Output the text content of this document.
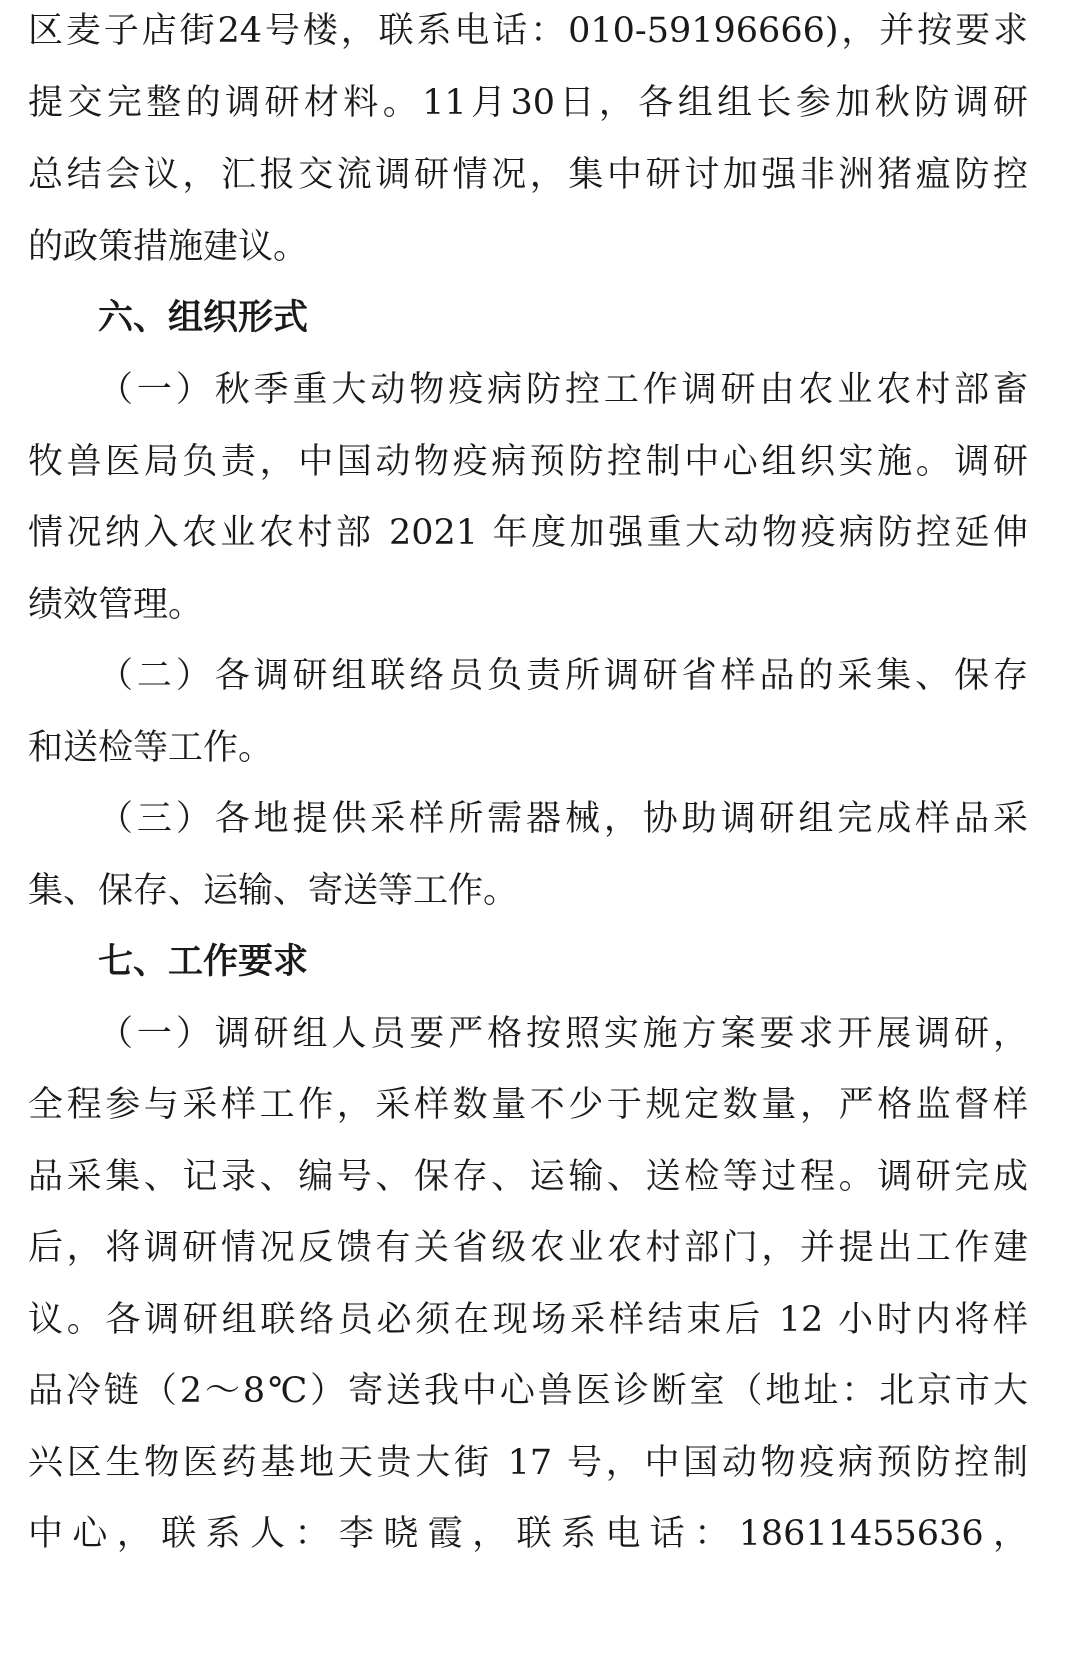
区麦子店街24号楼，联系电话：010-59196666)，并按要求
提交完整的调研材料。11月30日，各组组长参加秋防调研
总结会议，汇报交流调研情况，集中研讨加强非洲猪瘟防控
的政策措施建议。
六、组织形式
（一）秋季重大动物疫病防控工作调研由农业农村部畜
牧兽医局负责，中国动物疫病预防控制中心组织实施。调研
情况纳入农业农村部 2021 年度加强重大动物疫病防控延伸
绩效管理。
（二）各调研组联络员负责所调研省样品的采集、保存
和送检等工作。
（三）各地提供采样所需器械，协助调研组完成样品采
集、保存、运输、寄送等工作。
七、工作要求
（一）调研组人员要严格按照实施方案要求开展调研，
全程参与采样工作，采样数量不少于规定数量，严格监督样
品采集、记录、编号、保存、运输、送检等过程。调研完成
后，将调研情况反馈有关省级农业农村部门，并提出工作建
议。各调研组联络员必须在现场采样结束后 12 小时内将样
品冷链（2～8℃）寄送我中心兽医诊断室（地址：北京市大
兴区生物医药基地天贵大街 17 号，中国动物疫病预防控制
中心，联系人：李晓霞，联系电话：18611455636，
